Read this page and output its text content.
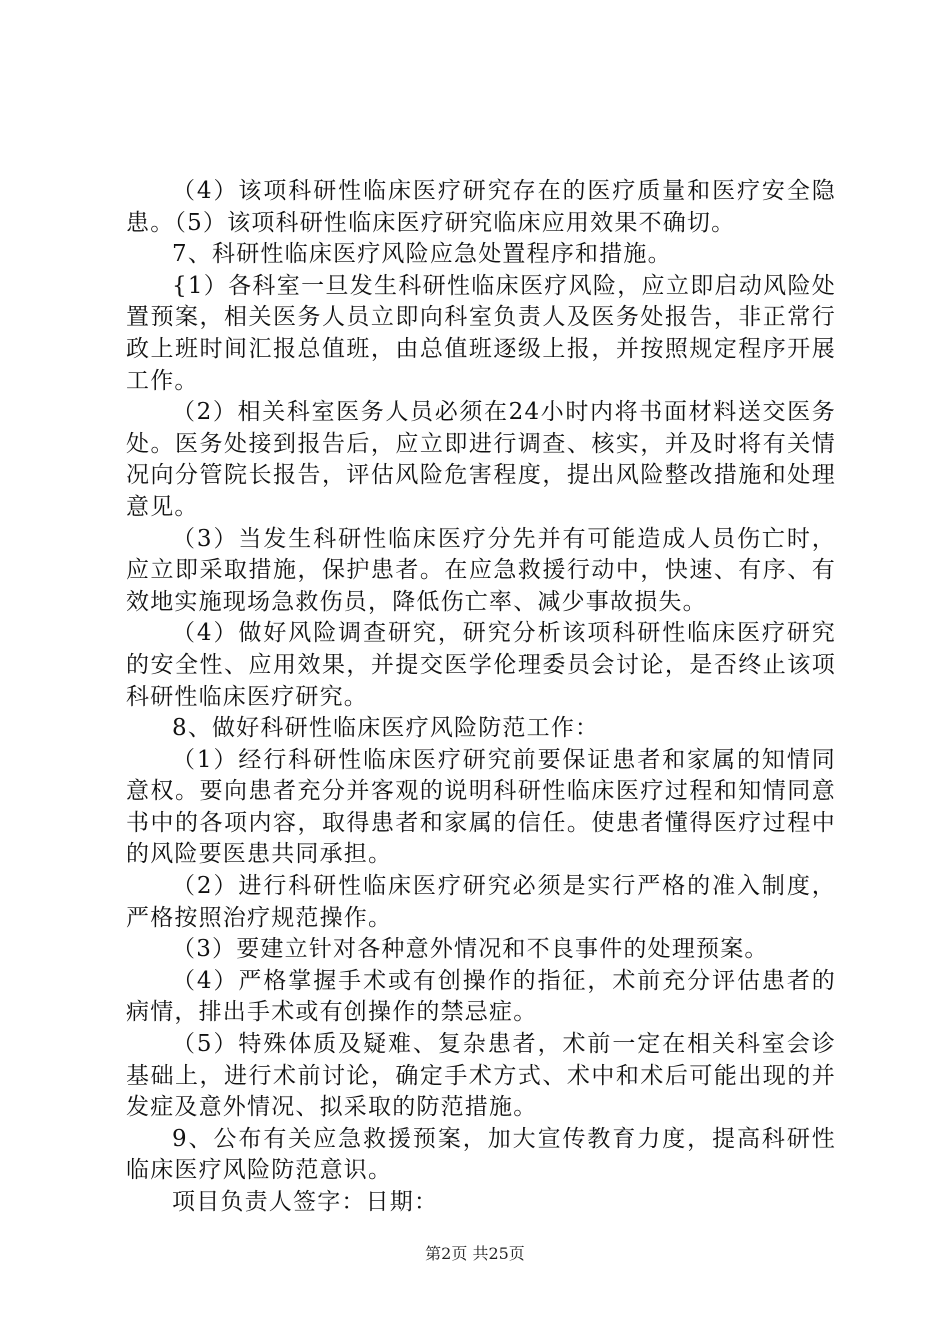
（4）该项科研性临床医疗研究存在的医疗质量和医疗安全隐患。（5）该项科研性临床医疗研究临床应用效果不确切。

7、科研性临床医疗风险应急处置程序和措施。

{1）各科室一旦发生科研性临床医疗风险，应立即启动风险处置预案，相关医务人员立即向科室负责人及医务处报告，非正常行政上班时间汇报总值班，由总值班逐级上报，并按照规定程序开展工作。

（2）相关科室医务人员必须在24小时内将书面材料送交医务处。医务处接到报告后，应立即进行调查、核实，并及时将有关情况向分管院长报告，评估风险危害程度，提出风险整改措施和处理意见。

（3）当发生科研性临床医疗分先并有可能造成人员伤亡时，应立即采取措施，保护患者。在应急救援行动中，快速、有序、有效地实施现场急救伤员，降低伤亡率、减少事故损失。

（4）做好风险调查研究，研究分析该项科研性临床医疗研究的安全性、应用效果，并提交医学伦理委员会讨论，是否终止该项科研性临床医疗研究。

8、做好科研性临床医疗风险防范工作：

（1）经行科研性临床医疗研究前要保证患者和家属的知情同意权。要向患者充分并客观的说明科研性临床医疗过程和知情同意书中的各项内容，取得患者和家属的信任。使患者懂得医疗过程中的风险要医患共同承担。

（2）进行科研性临床医疗研究必须是实行严格的准入制度，严格按照治疗规范操作。

（3）要建立针对各种意外情况和不良事件的处理预案。

（4）严格掌握手术或有创操作的指征，术前充分评估患者的病情，排出手术或有创操作的禁忌症。

（5）特殊体质及疑难、复杂患者，术前一定在相关科室会诊基础上，进行术前讨论，确定手术方式、术中和术后可能出现的并发症及意外情况、拟采取的防范措施。

9、公布有关应急救援预案，加大宣传教育力度，提高科研性临床医疗风险防范意识。

项目负责人签字：日期：

第2页 共25页
